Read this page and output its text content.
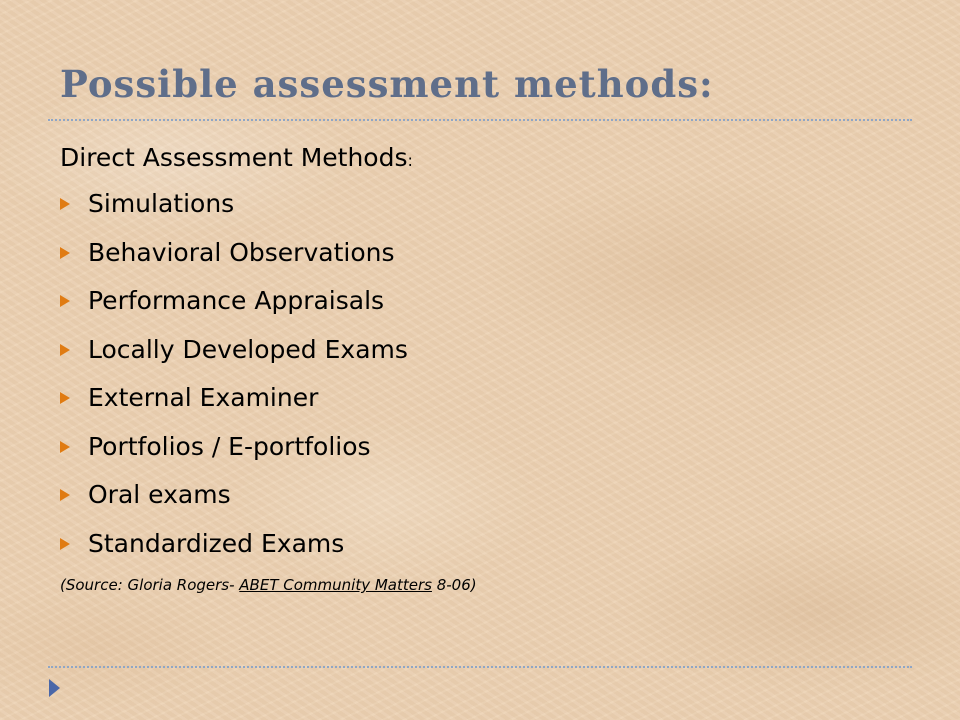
Possible assessment methods:
Direct Assessment Methods:
Simulations
Behavioral Observations
Performance Appraisals
Locally Developed Exams
External Examiner
Portfolios / E-portfolios
Oral exams
Standardized Exams
(Source: Gloria Rogers- ABET Community Matters 8-06)
